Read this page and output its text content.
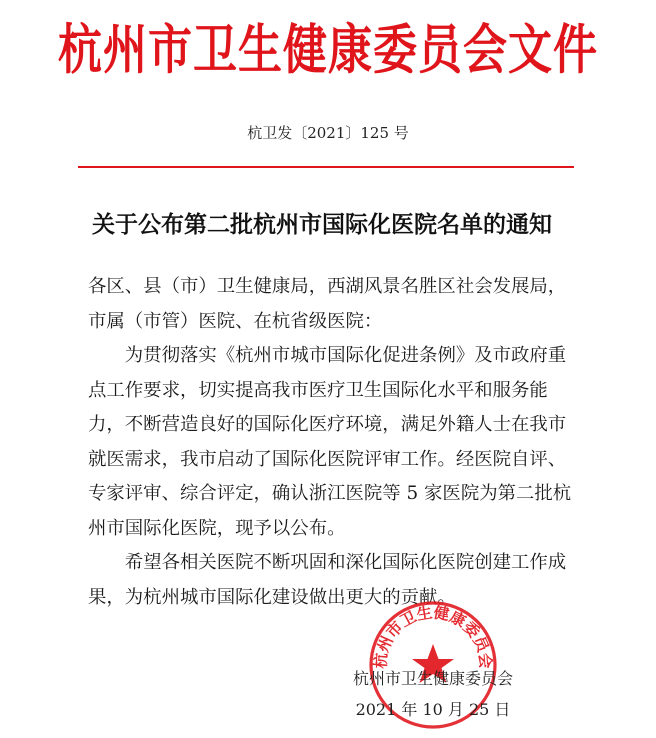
杭州市卫生健康委员会文件
杭卫发〔2021〕125 号
关于公布第二批杭州市国际化医院名单的通知

各区、县（市）卫生健康局，西湖风景名胜区社会发展局，

市属（市管）医院、在杭省级医院：

为贯彻落实《杭州市城市国际化促进条例》及市政府重点工作要求，切实提高我市医疗卫生国际化水平和服务能力，不断营造良好的国际化医疗环境，满足外籍人士在我市就医需求，我市启动了国际化医院评审工作。经医院自评、专家评审、综合评定，确认浙江医院等 5 家医院为第二批杭州市国际化医院，现予以公布。

希望各相关医院不断巩固和深化国际化医院创建工作成果，为杭州城市国际化建设做出更大的贡献。

杭州市卫生健康委员会
杭州市卫生健康委员会
2021 年 10 月 25 日
